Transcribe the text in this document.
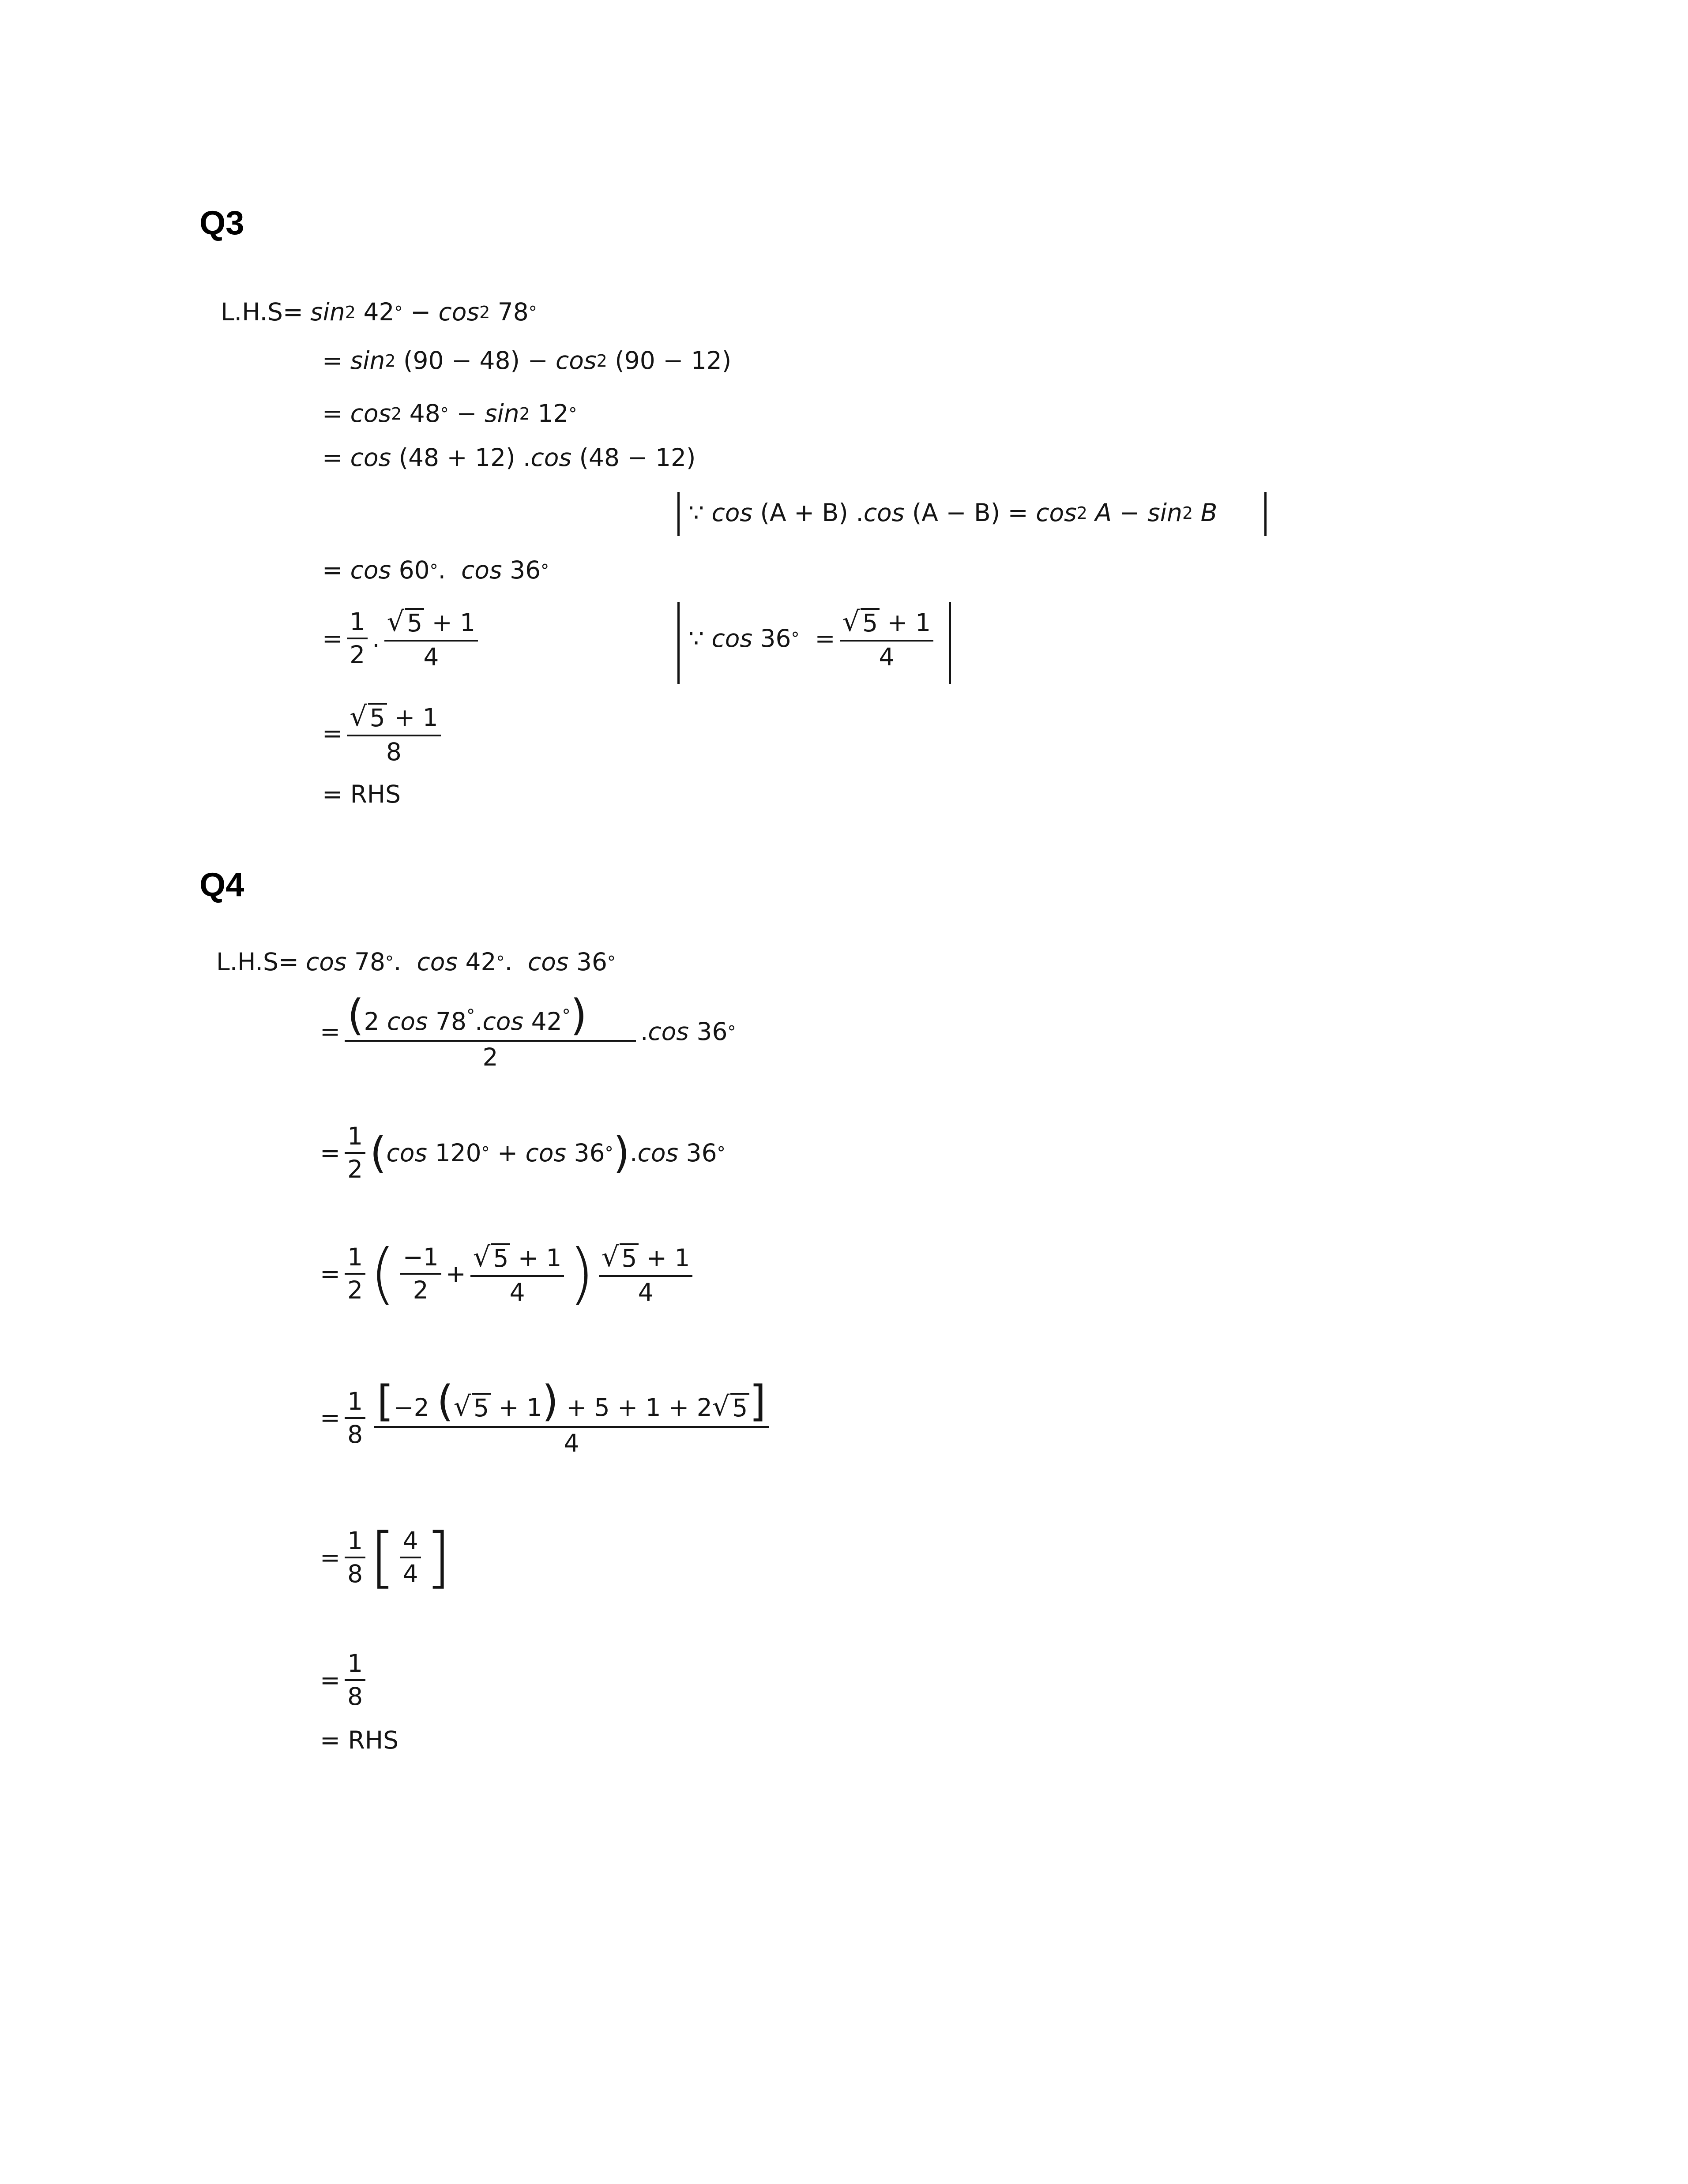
Q3
L.H.S= sin 2
42 °
−
cos 2
78 °
=
sin 2
(90 − 48)
−
cos 2
(90 − 12)
=
cos 2
48 °
−
sin 2
12 °
=
cos
(48 + 12) . cos
(48 − 12)
∵
cos
(A + B) . cos
(A − B)
=
cos 2
A
−
sin 2
B
=
cos
60 ° . cos
36 °
= $\frac{1}{2}$ . $\frac{√ 5 + 1}{4}$	∵
cos
36 °
= $\frac{√ 5 + 1}{4}$
= $\frac{√ 5 + 1}{8}$
= RHS
Q4
L.H.S= cos
78 ° . cos
42 ° . cos
36 °
= $\frac{(2 \cos 78^\circ.\cos 42^\circ)}{2}$ . cos
36 °
= $\frac{1}{2}$ ( cos
120 °
+
cos
36 ° ) . cos
36 °
= $\frac{1}{2}$ ( $\frac{-1}{2} + \frac{√ 5 + 1}{4}$ ) $\frac{√ 5 + 1}{4}$
= $\frac{1}{8} \frac{[-2 ( √ 5 + 1) + 5 + 1 + 2 √ 5 ]}{4}$
= $\frac{1}{8}$ [ $\frac{4}{4}$ ]
= $\frac{1}{8}$
= RHS
